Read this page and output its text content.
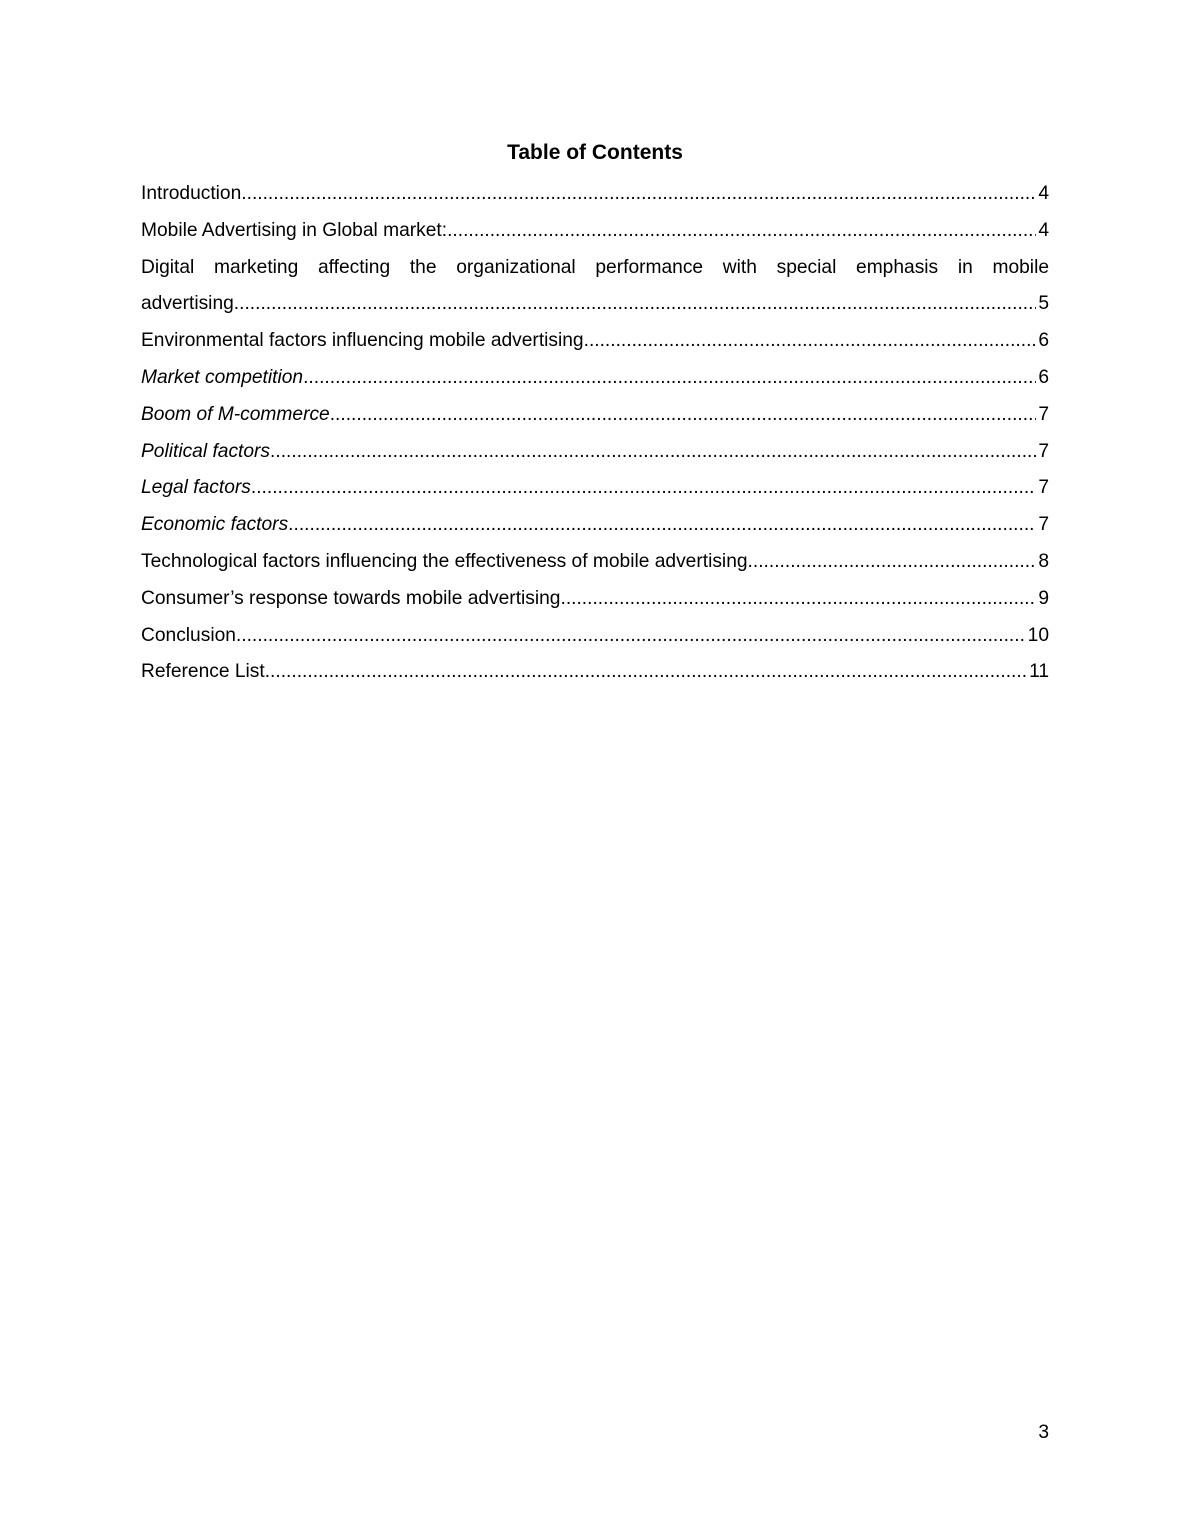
Table of Contents
Introduction .....	4
Mobile Advertising in Global market: .....	4
Digital marketing affecting the organizational performance with special emphasis in mobile
advertising .....	5
Environmental factors influencing mobile advertising .....	6
Market competition .....	6
Boom of M-commerce .....	7
Political factors .....	7
Legal factors .....	7
Economic factors .....	7
Technological factors influencing the effectiveness of mobile advertising .....	8
Consumer’s response towards mobile advertising .....	9
Conclusion .....	10
Reference List .....	11
3
